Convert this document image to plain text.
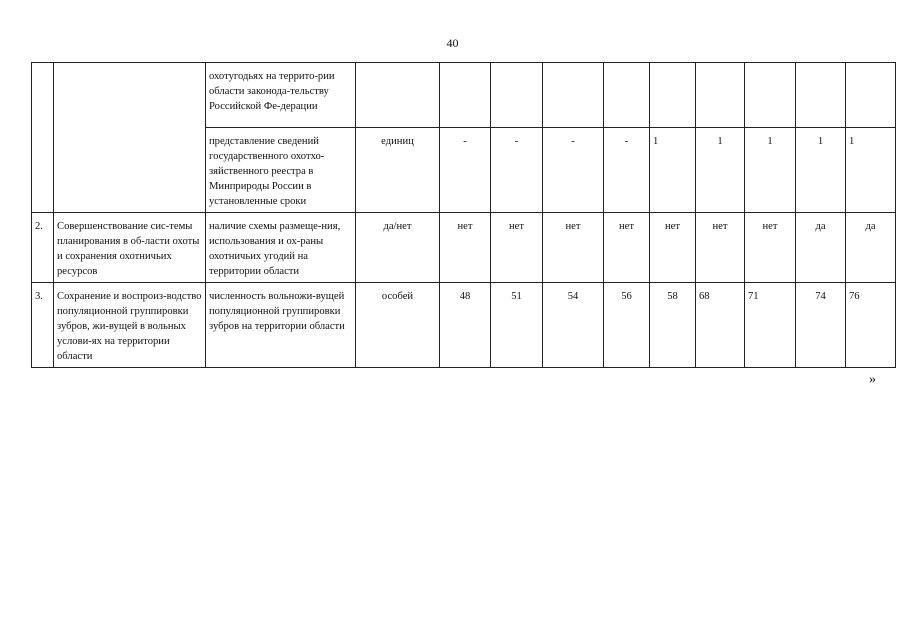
40
		охотугодьях на террито-рии области законода-тельству Российской Фе-дерации										
		представление сведений государственного охотхо-зяйственного реестра в Минприроды России в установленные сроки	единиц	-	-	-	-	1	1	1	1	1
2.	Совершенствование сис-темы планирования в об-ласти охоты и сохранения охотничьих ресурсов	наличие схемы размеще-ния, использования и ох-раны охотничьих угодий на территории области	да/нет	нет	нет	нет	нет	нет	нет	нет	да	да
3.	Сохранение и воспроиз-водство популяционной группировки зубров, жи-вущей в вольных услови-ях на территории области	численность вольножи-вущей популяционной группировки зубров на территории области	особей	48	51	54	56	58	68	71	74	76
»
